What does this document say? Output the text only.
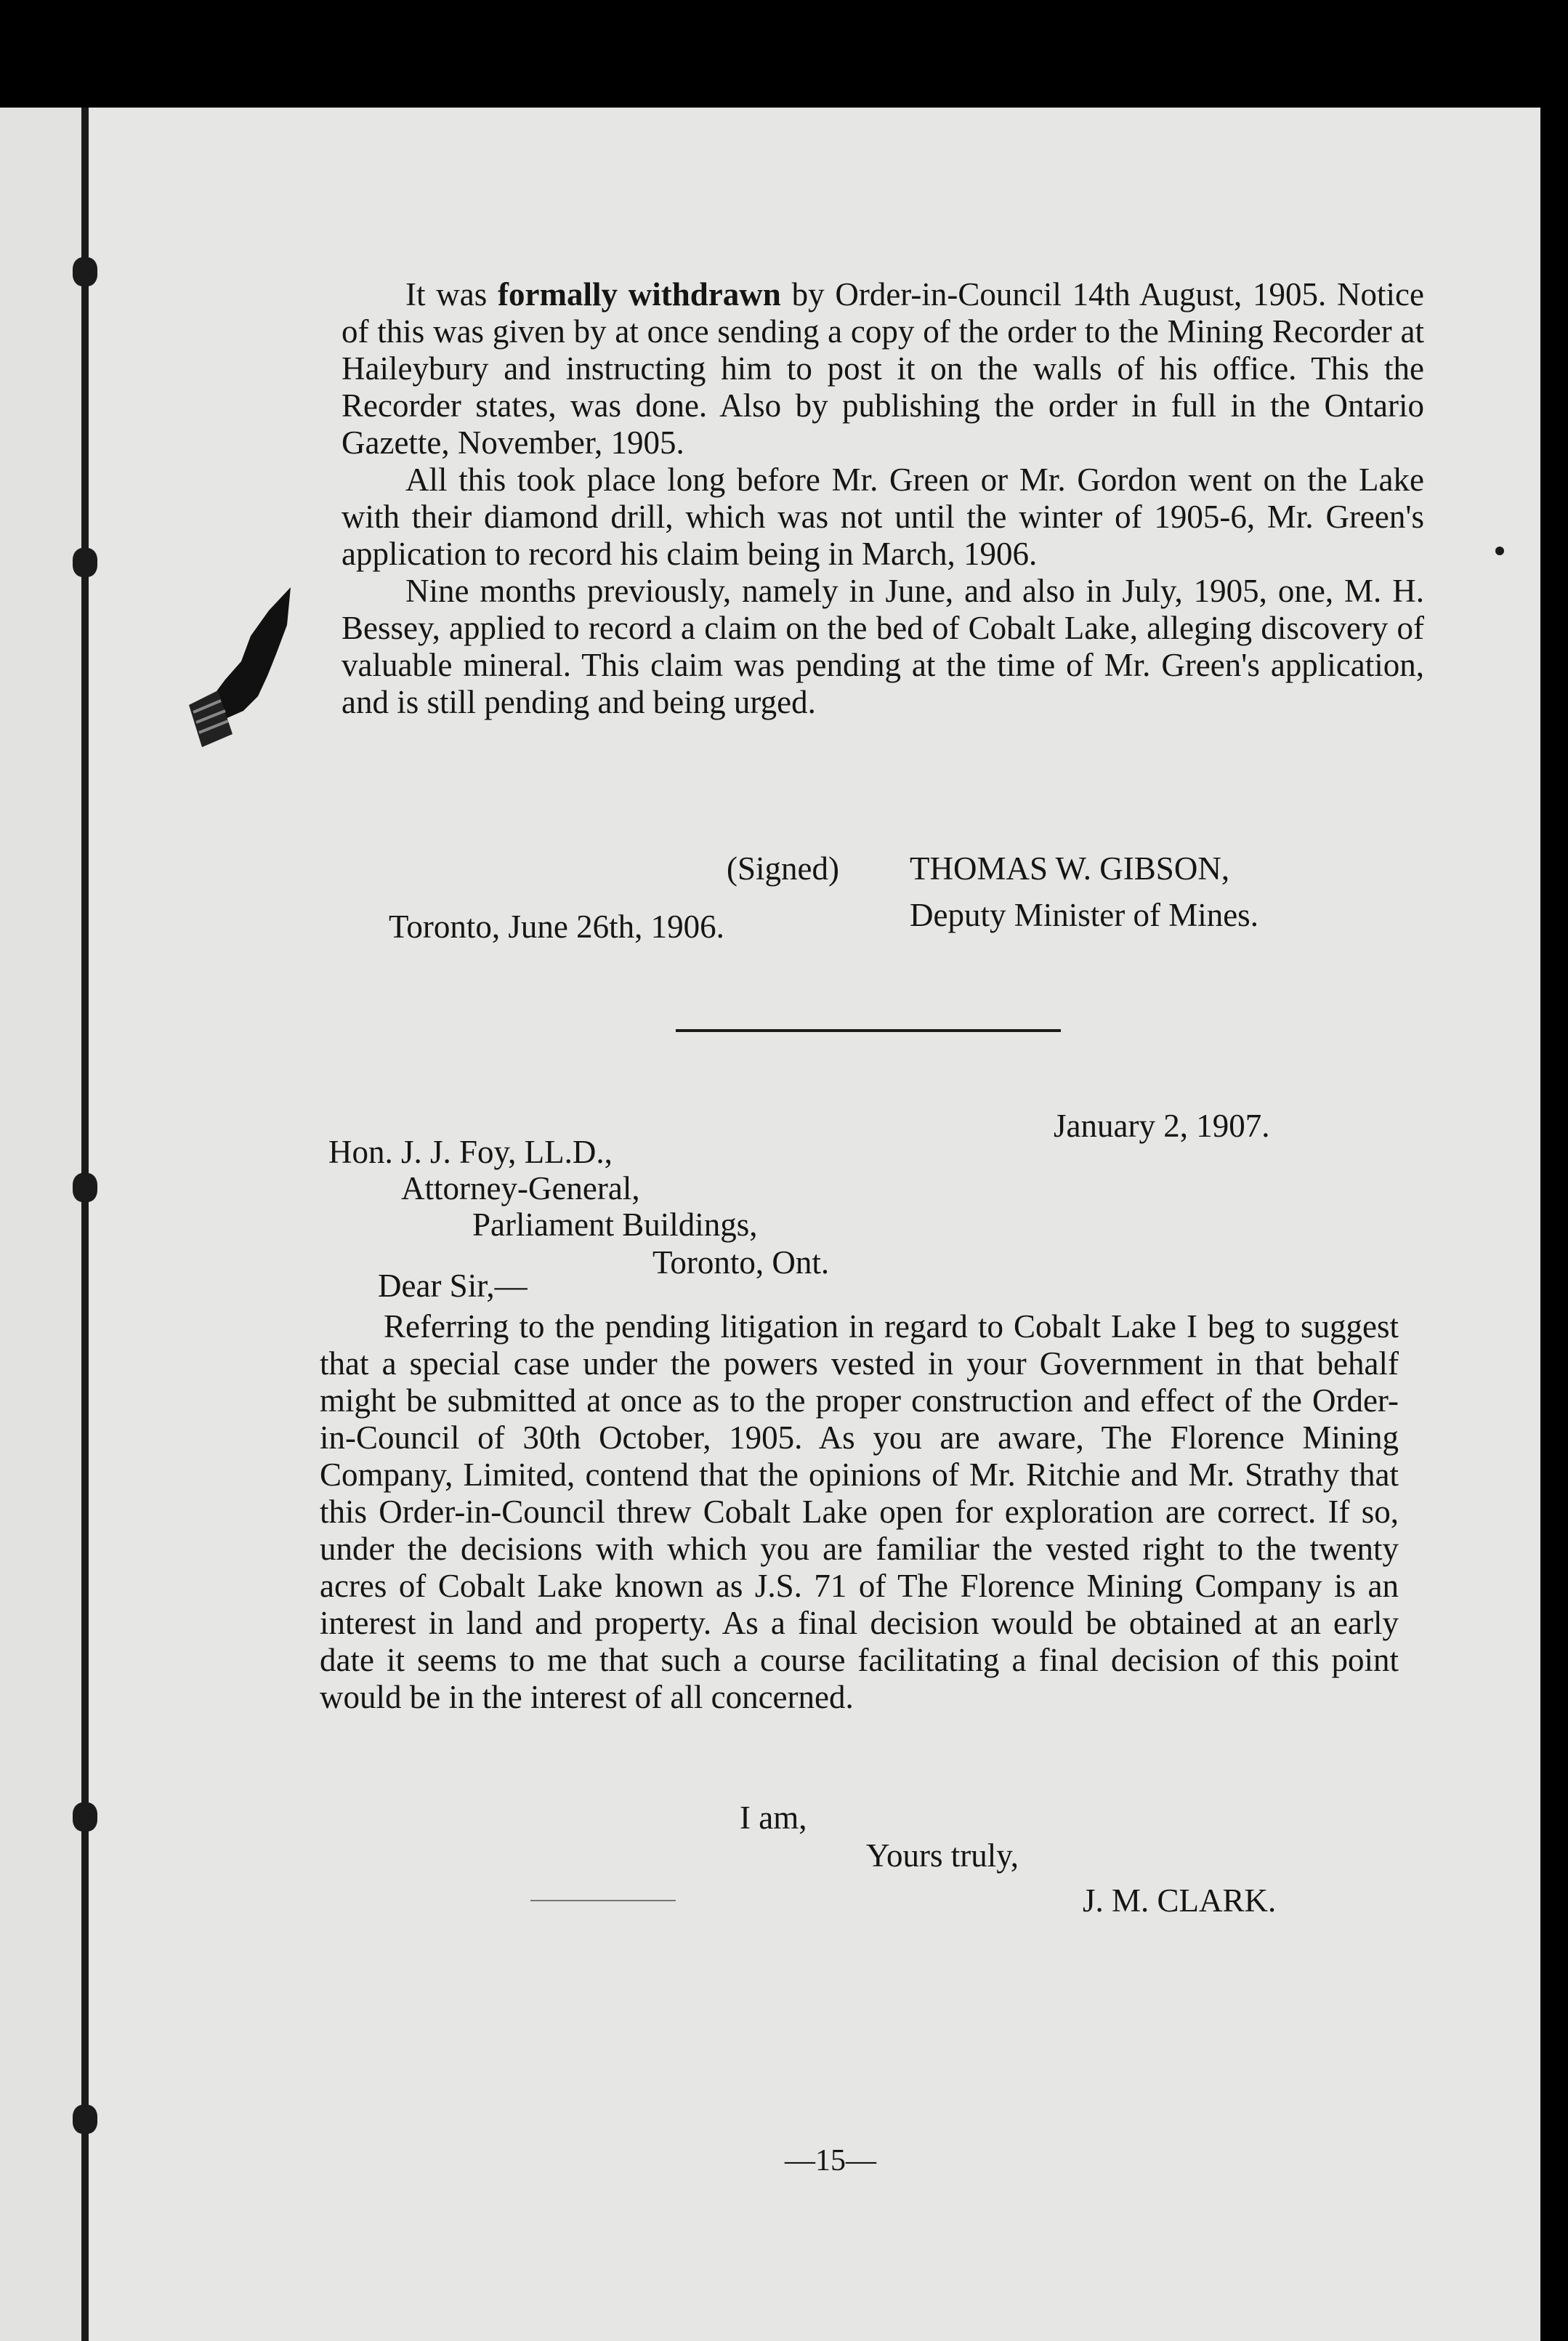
It was formally withdrawn by Order-in-Council 14th August, 1905. Notice of this was given by at once sending a copy of the order to the Mining Recorder at Haileybury and instructing him to post it on the walls of his office. This the Recorder states, was done. Also by publishing the order in full in the Ontario Gazette, November, 1905.

All this took place long before Mr. Green or Mr. Gordon went on the Lake with their diamond drill, which was not until the winter of 1905-6, Mr. Green's application to record his claim being in March, 1906.

Nine months previously, namely in June, and also in July, 1905, one, M. H. Bessey, applied to record a claim on the bed of Cobalt Lake, alleging discovery of valuable mineral. This claim was pending at the time of Mr. Green's application, and is still pending and being urged.

(Signed) THOMAS W. GIBSON,
Deputy Minister of Mines.
Toronto, June 26th, 1906.
January 2, 1907.
Hon. J. J. Foy, LL.D.,
Attorney-General,
Parliament Buildings,
Toronto, Ont.
Dear Sir,—

Referring to the pending litigation in regard to Cobalt Lake I beg to suggest that a special case under the powers vested in your Government in that behalf might be submitted at once as to the proper construction and effect of the Order-in-Council of 30th October, 1905. As you are aware, The Florence Mining Company, Limited, contend that the opinions of Mr. Ritchie and Mr. Strathy that this Order-in-Council threw Cobalt Lake open for exploration are correct. If so, under the decisions with which you are familiar the vested right to the twenty acres of Cobalt Lake known as J.S. 71 of The Florence Mining Company is an interest in land and property. As a final decision would be obtained at an early date it seems to me that such a course facilitating a final decision of this point would be in the interest of all concerned.

I am,
Yours truly,
J. M. CLARK.
—15—
